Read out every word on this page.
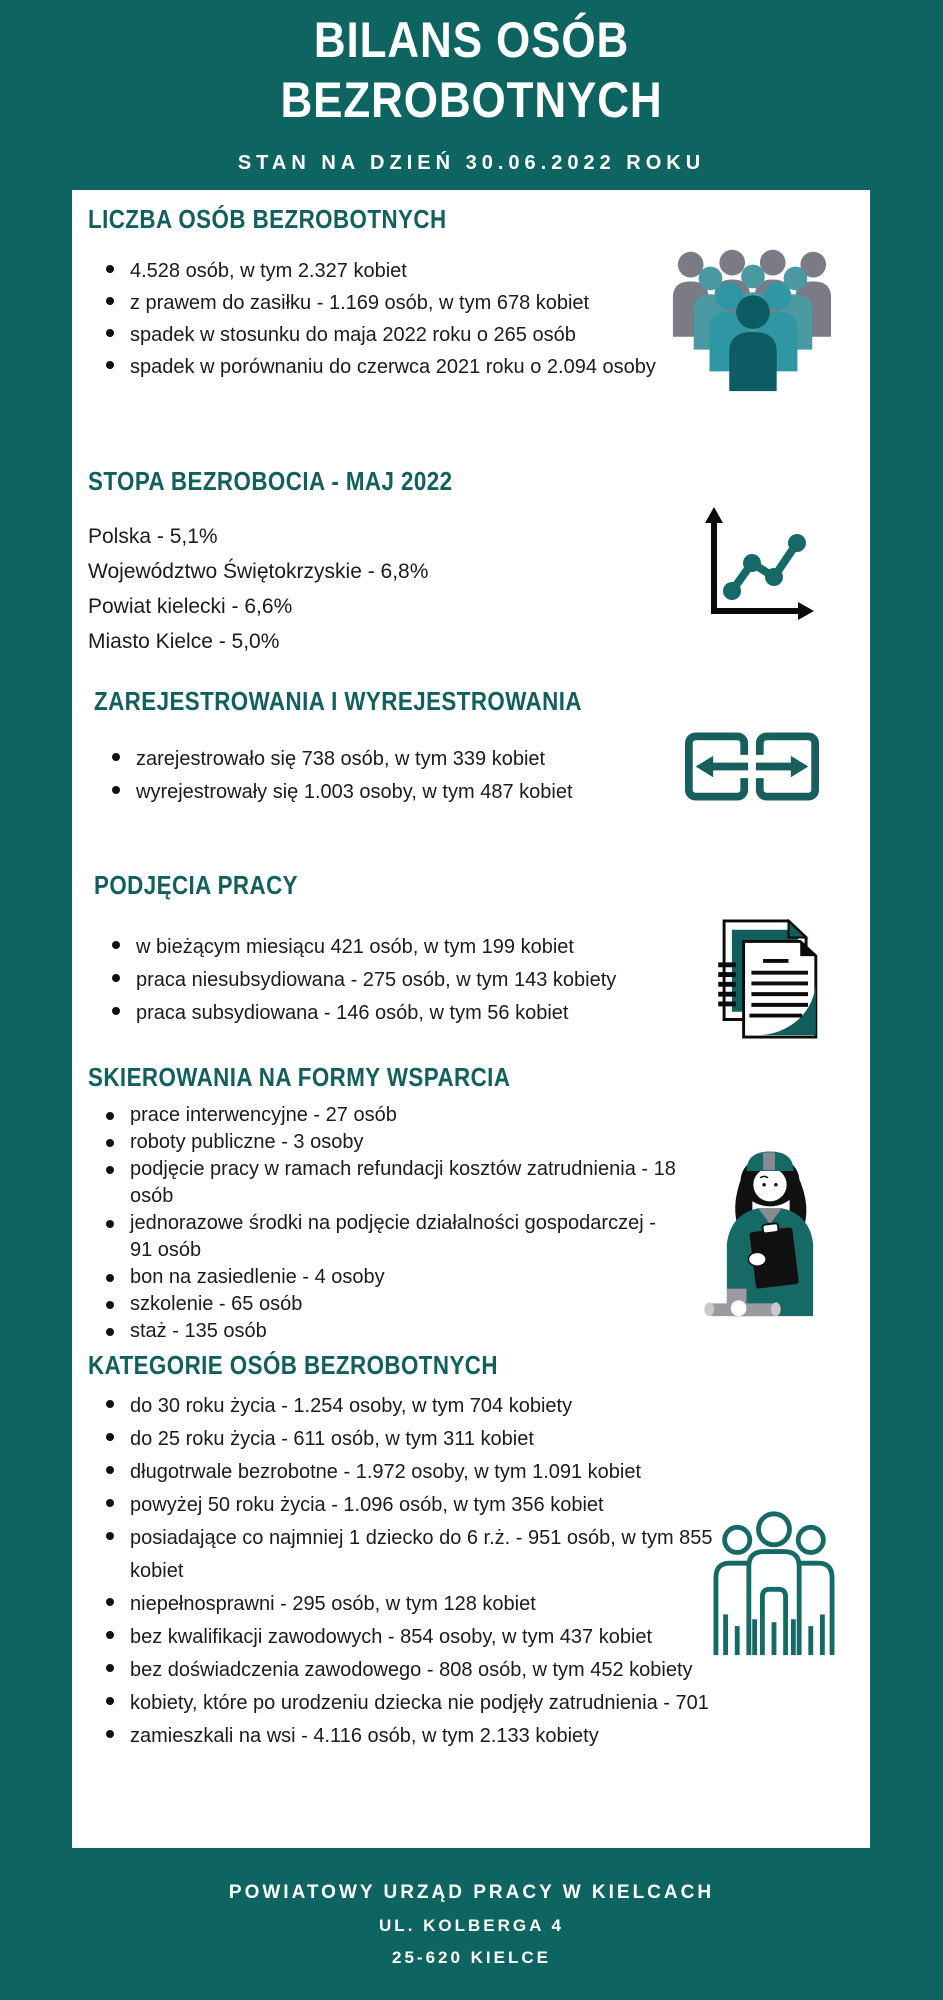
BILANS OSÓB
BEZROBOTNYCH
STAN NA DZIEŃ 30.06.2022 ROKU
LICZBA OSÓB BEZROBOTNYCH
4.528 osób, w tym 2.327 kobiet
z prawem do zasiłku - 1.169 osób, w tym 678 kobiet
spadek w stosunku do maja 2022 roku o 265 osób
spadek w porównaniu do czerwca 2021 roku o 2.094 osoby
STOPA BEZROBOCIA - MAJ 2022
Polska - 5,1%
Województwo Świętokrzyskie - 6,8%
Powiat kielecki - 6,6%
Miasto Kielce - 5,0%
ZAREJESTROWANIA I WYREJESTROWANIA
zarejestrowało się 738 osób, w tym 339 kobiet
wyrejestrowały się 1.003 osoby, w tym 487 kobiet
PODJĘCIA PRACY
w bieżącym miesiącu 421 osób, w tym 199 kobiet
praca niesubsydiowana - 275 osób, w tym 143 kobiety
praca subsydiowana - 146 osób, w tym 56 kobiet
SKIEROWANIA NA FORMY WSPARCIA
prace interwencyjne - 27 osób
roboty publiczne - 3 osoby
podjęcie pracy w ramach refundacji kosztów zatrudnienia - 18 osób
jednorazowe środki na podjęcie działalności gospodarczej - 91 osób
bon na zasiedlenie - 4 osoby
szkolenie - 65 osób
staż - 135 osób
KATEGORIE OSÓB BEZROBOTNYCH
do 30 roku życia - 1.254 osoby, w tym 704 kobiety
do 25 roku życia - 611 osób, w tym 311 kobiet
długotrwale bezrobotne - 1.972 osoby, w tym 1.091 kobiet
powyżej 50 roku życia - 1.096 osób, w tym 356 kobiet
posiadające co najmniej 1 dziecko do 6 r.ż. - 951 osób, w tym 855 kobiet
niepełnosprawni - 295 osób, w tym 128 kobiet
bez kwalifikacji zawodowych - 854 osoby, w tym 437 kobiet
bez doświadczenia zawodowego - 808 osób, w tym 452 kobiety
kobiety, które po urodzeniu dziecka nie podjęły zatrudnienia - 701
zamieszkali na wsi - 4.116 osób, w tym 2.133 kobiety
POWIATOWY URZĄD PRACY W KIELCACH
UL. KOLBERGA 4
25-620 KIELCE
